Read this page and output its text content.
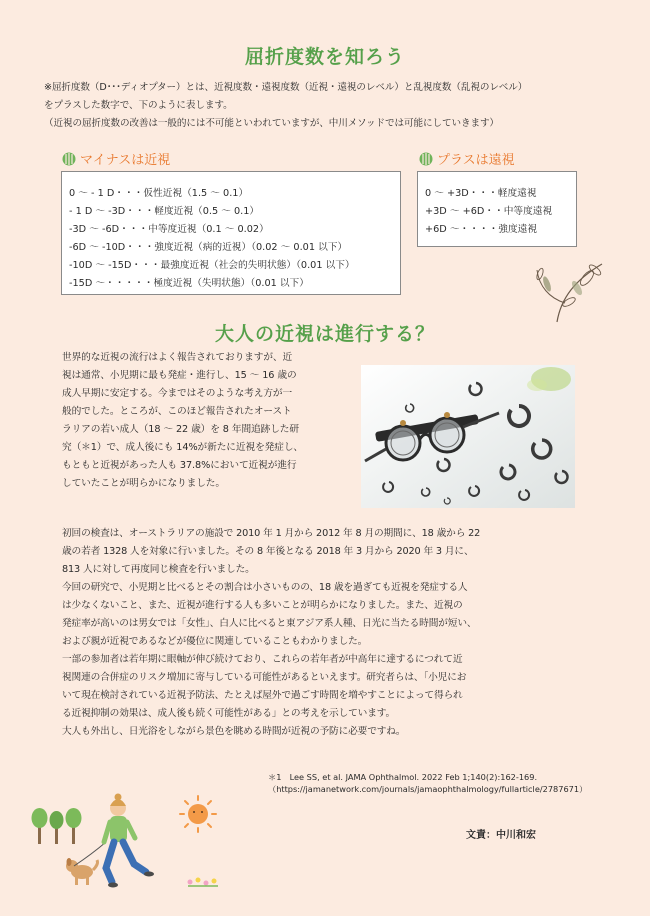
屈折度数を知ろう
※屈折度数（D･･･ディオプター）とは、近視度数・遠視度数（近視・遠視のレベル）と乱視度数（乱視のレベル）
をプラスした数字で、下のように表します。
（近視の屈折度数の改善は一般的には不可能といわれていますが、中川メソッドでは可能にしていきます）
マイナスは近視
0 ～ - 1 D・・・仮性近視（1.5 ～ 0.1）
- 1 D ～ -3D・・・軽度近視（0.5 ～ 0.1）
-3D ～ -6D・・・中等度近視（0.1 ～ 0.02）
-6D ～ -10D・・・強度近視（病的近視）（0.02 ～ 0.01 以下）
-10D ～ -15D・・・最強度近視（社会的失明状態）（0.01 以下）
-15D ～・・・・・極度近視（失明状態）（0.01 以下）
プラスは遠視
0 ～ +3D・・・軽度遠視
+3D ～ +6D・・中等度遠視
+6D ～・・・・強度遠視
大人の近視は進行する？
世界的な近視の流行はよく報告されておりますが、近
視は通常、小児期に最も発症・進行し、15 ～ 16 歳の
成人早期に安定する。今まではそのような考え方が一
般的でした。ところが、このほど報告されたオースト
ラリアの若い成人（18 ～ 22 歳）を 8 年間追跡した研
究（＊1）で、成人後にも 14%が新たに近視を発症し、
もともと近視があった人も 37.8%において近視が進行
していたことが明らかになりました。

初回の検査は、オーストラリアの施設で 2010 年 1 月から 2012 年 8 月の期間に、18 歳から 22

歳の若者 1328 人を対象に行いました。その 8 年後となる 2018 年 3 月から 2020 年 3 月に、

813 人に対して再度同じ検査を行いました。

今回の研究で、小児期と比べるとその割合は小さいものの、18 歳を過ぎても近視を発症する人

は少なくないこと、また、近視が進行する人も多いことが明らかになりました。また、近視の

発症率が高いのは男女では「女性」、白人に比べると東アジア系人種、日光に当たる時間が短い、

および親が近視であるなどが優位に関連していることもわかりました。

一部の参加者は若年期に眼軸が伸び続けており、これらの若年者が中高年に達するにつれて近

視関連の合併症のリスク増加に寄与している可能性があるといえます。研究者らは、「小児にお

いて現在検討されている近視予防法、たとえば屋外で過ごす時間を増やすことによって得られ

る近視抑制の効果は、成人後も続く可能性がある」との考えを示しています。

大人も外出し、日光浴をしながら景色を眺める時間が近視の予防に必要ですね。

＊1　Lee SS, et al. JAMA Ophthalmol. 2022 Feb 1;140(2):162-169.
（https://jamanetwork.com/journals/jamaophthalmology/fullarticle/2787671）
文責：中川和宏
